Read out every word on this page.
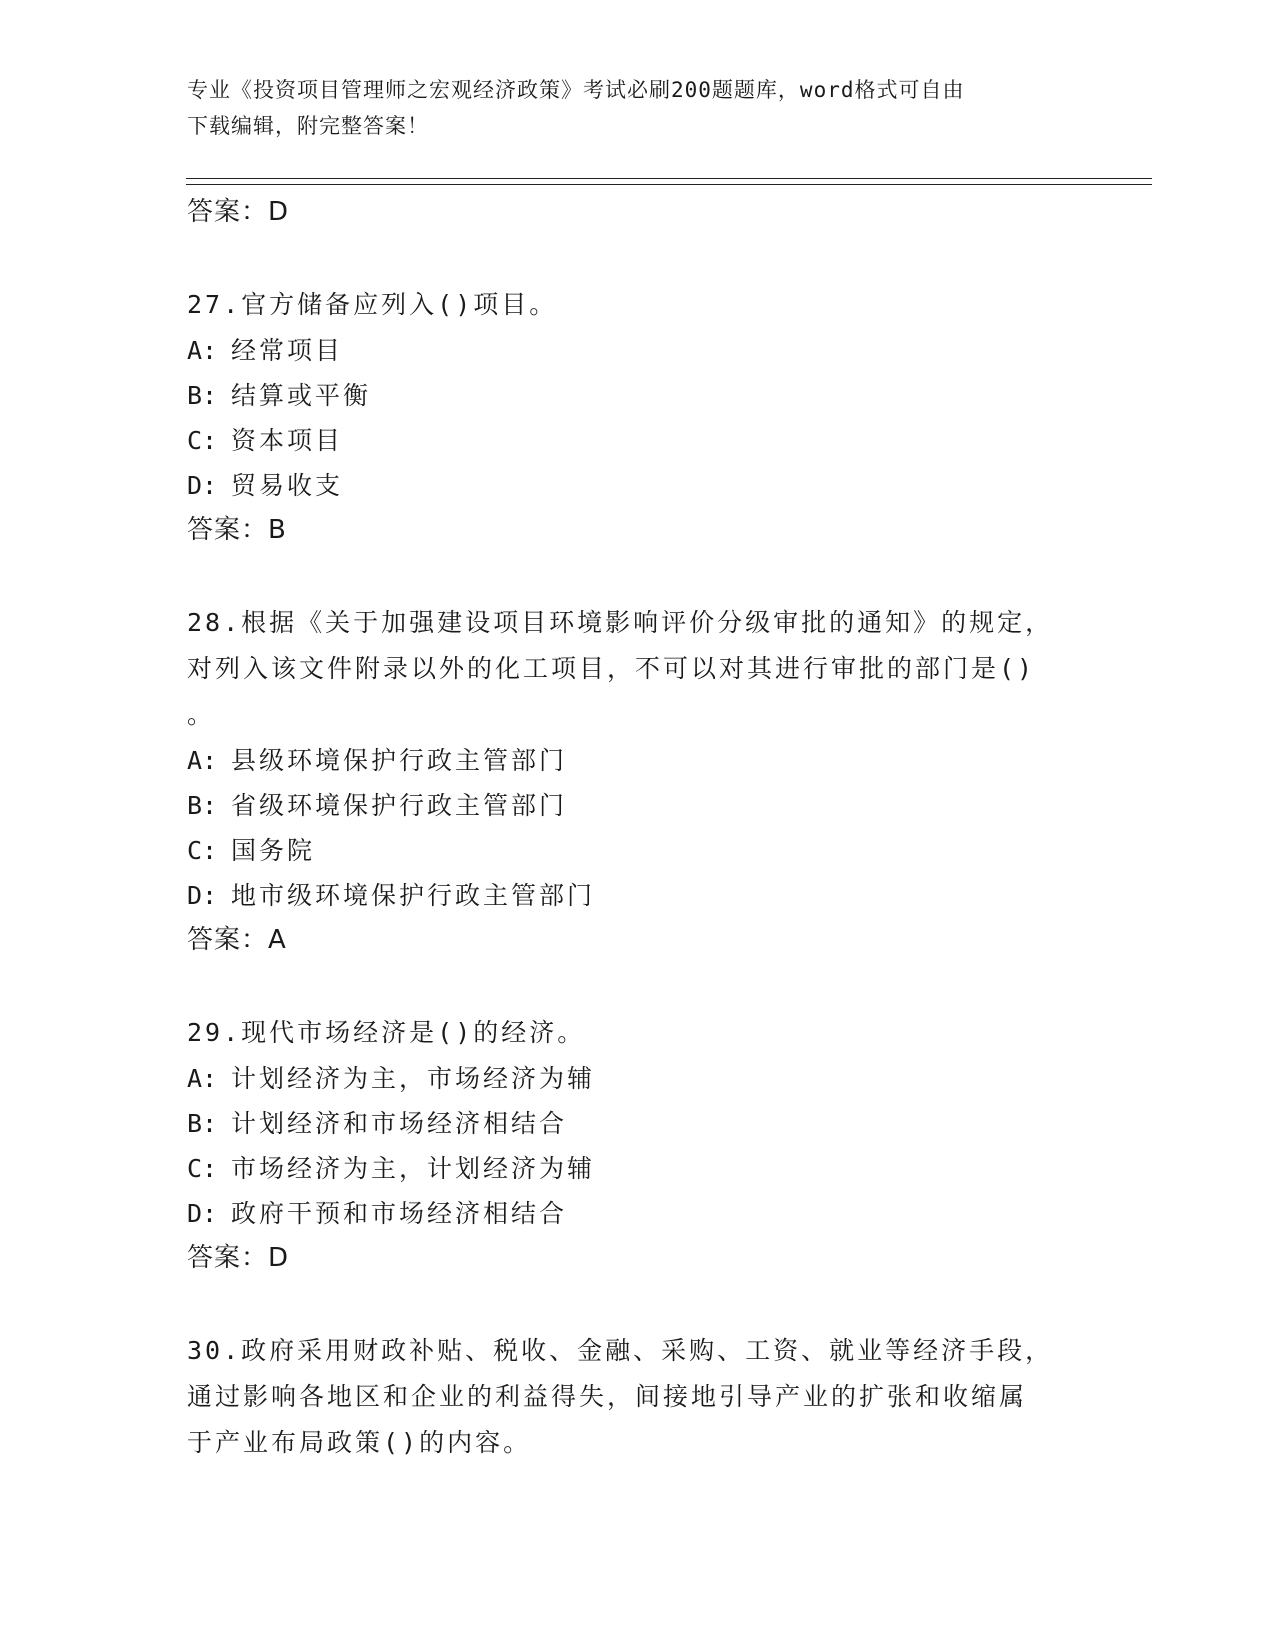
专业《投资项目管理师之宏观经济政策》考试必刷200题题库，word格式可自由
下载编辑，附完整答案！
答案：D
27.官方储备应列入()项目。
A: 经常项目
B: 结算或平衡
C: 资本项目
D: 贸易收支
答案：B
28.根据《关于加强建设项目环境影响评价分级审批的通知》的规定，
对列入该文件附录以外的化工项目，不可以对其进行审批的部门是()
。
A: 县级环境保护行政主管部门
B: 省级环境保护行政主管部门
C: 国务院
D: 地市级环境保护行政主管部门
答案：A
29.现代市场经济是()的经济。
A: 计划经济为主，市场经济为辅
B: 计划经济和市场经济相结合
C: 市场经济为主，计划经济为辅
D: 政府干预和市场经济相结合
答案：D
30.政府采用财政补贴、税收、金融、采购、工资、就业等经济手段，
通过影响各地区和企业的利益得失，间接地引导产业的扩张和收缩属
于产业布局政策()的内容。
